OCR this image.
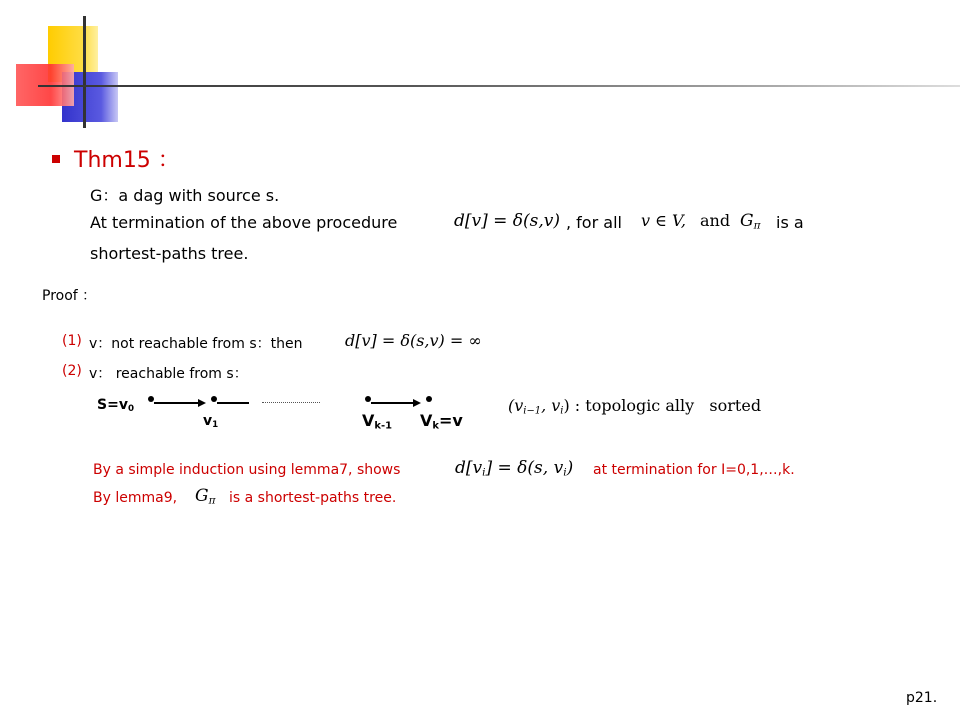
Thm15 ：
G：a dag with source s.
At termination of the above procedure	d[v] = δ(s,v) , for all v ∈ V, and $G_\pi$ is a
shortest-paths tree.
Proof ：
(1) v：not reachable from s：then	d[v] = δ(s,v) = ∞
(2) v： reachable from s：
$S=v_0$
$v_1$	$V_{k-1}$ $V_k=v$
($v_{i-1}$, $v_i$) : topologic ally   sorted
By a simple induction using lemma7, shows	$d[v_i] = \delta(s$, $v_i$) at termination for I=0,1,…,k.
By lemma9, $G_\pi$ is a shortest-paths tree.
p21.
